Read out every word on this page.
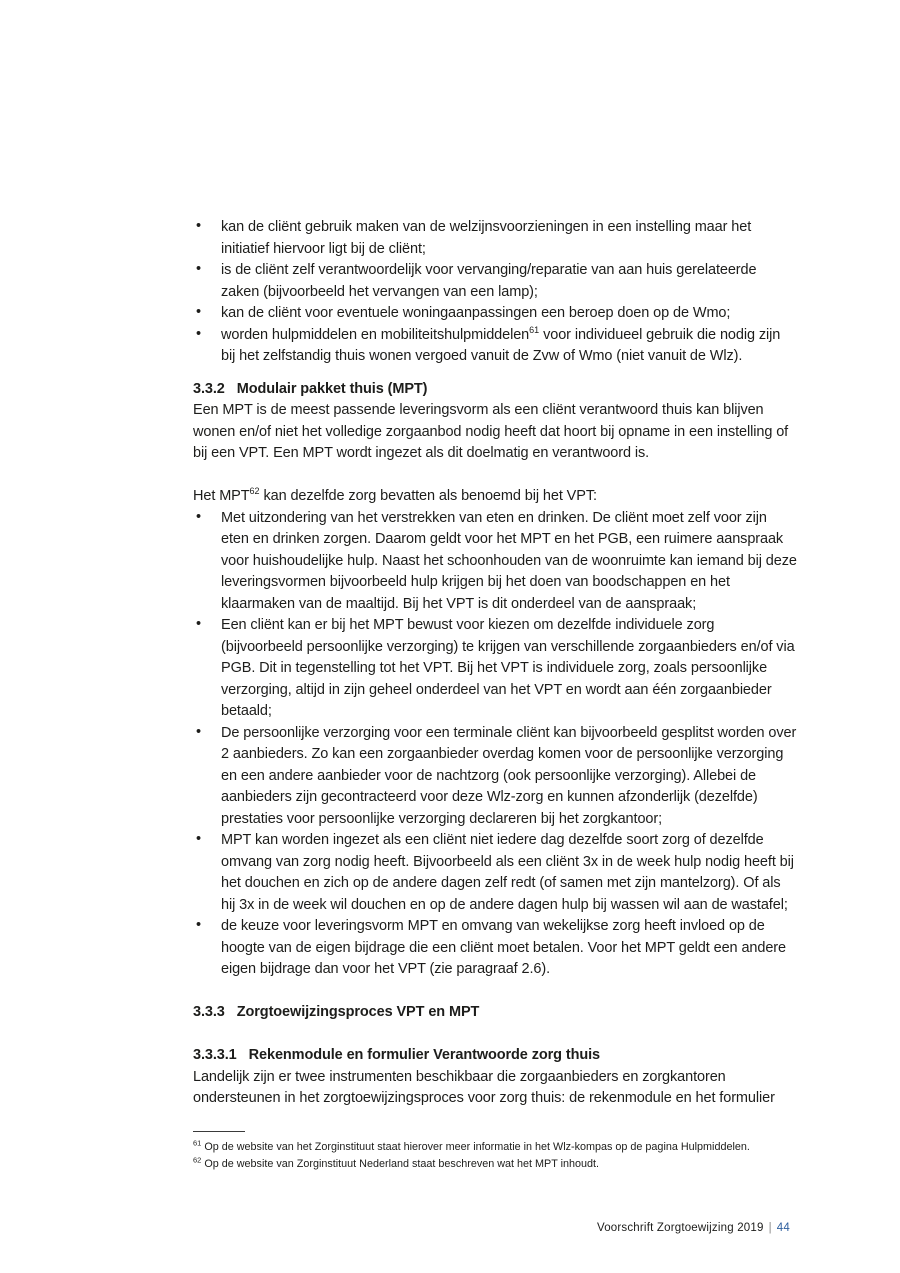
• kan de cliënt gebruik maken van de welzijnsvoorzieningen in een instelling maar het initiatief hiervoor ligt bij de cliënt;
• is de cliënt zelf verantwoordelijk voor vervanging/reparatie van aan huis gerelateerde zaken (bijvoorbeeld het vervangen van een lamp);
• kan de cliënt voor eventuele woningaanpassingen een beroep doen op de Wmo;
• worden hulpmiddelen en mobiliteitshulpmiddelen$^{61}$ voor individueel gebruik die nodig zijn bij het zelfstandig thuis wonen vergoed vanuit de Zvw of Wmo (niet vanuit de Wlz).

3.3.2 Modulair pakket thuis (MPT)

Een MPT is de meest passende leveringsvorm als een cliënt verantwoord thuis kan blijven wonen en/of niet het volledige zorgaanbod nodig heeft dat hoort bij opname in een instelling of bij een VPT. Een MPT wordt ingezet als dit doelmatig en verantwoord is.

Het MPT$^{62}$ kan dezelfde zorg bevatten als benoemd bij het VPT:

• Met uitzondering van het verstrekken van eten en drinken. De cliënt moet zelf voor zijn eten en drinken zorgen. Daarom geldt voor het MPT en het PGB, een ruimere aanspraak voor huishoudelijke hulp. Naast het schoonhouden van de woonruimte kan iemand bij deze leveringsvormen bijvoorbeeld hulp krijgen bij het doen van boodschappen en het klaarmaken van de maaltijd. Bij het VPT is dit onderdeel van de aanspraak;
• Een cliënt kan er bij het MPT bewust voor kiezen om dezelfde individuele zorg (bijvoorbeeld persoonlijke verzorging) te krijgen van verschillende zorgaanbieders en/of via PGB. Dit in tegenstelling tot het VPT. Bij het VPT is individuele zorg, zoals persoonlijke verzorging, altijd in zijn geheel onderdeel van het VPT en wordt aan één zorgaanbieder betaald;
• De persoonlijke verzorging voor een terminale cliënt kan bijvoorbeeld gesplitst worden over 2 aanbieders. Zo kan een zorgaanbieder overdag komen voor de persoonlijke verzorging en een andere aanbieder voor de nachtzorg (ook persoonlijke verzorging). Allebei de aanbieders zijn gecontracteerd voor deze Wlz-zorg en kunnen afzonderlijk (dezelfde) prestaties voor persoonlijke verzorging declareren bij het zorgkantoor;
• MPT kan worden ingezet als een cliënt niet iedere dag dezelfde soort zorg of dezelfde omvang van zorg nodig heeft. Bijvoorbeeld als een cliënt 3x in de week hulp nodig heeft bij het douchen en zich op de andere dagen zelf redt (of samen met zijn mantelzorg). Of als hij 3x in de week wil douchen en op de andere dagen hulp bij wassen wil aan de wastafel;
• de keuze voor leveringsvorm MPT en omvang van wekelijkse zorg heeft invloed op de hoogte van de eigen bijdrage die een cliënt moet betalen. Voor het MPT geldt een andere eigen bijdrage dan voor het VPT (zie paragraaf 2.6).

3.3.3 Zorgtoewijzingsproces VPT en MPT

3.3.3.1 Rekenmodule en formulier Verantwoorde zorg thuis

Landelijk zijn er twee instrumenten beschikbaar die zorgaanbieders en zorgkantoren ondersteunen in het zorgtoewijzingsproces voor zorg thuis: de rekenmodule en het formulier

$^{61}$ Op de website van het Zorginstituut staat hierover meer informatie in het Wlz-kompas op de pagina Hulpmiddelen.

$^{62}$ Op de website van Zorginstituut Nederland staat beschreven wat het MPT inhoudt.

Voorschrift Zorgtoewijzing 2019 | 44
